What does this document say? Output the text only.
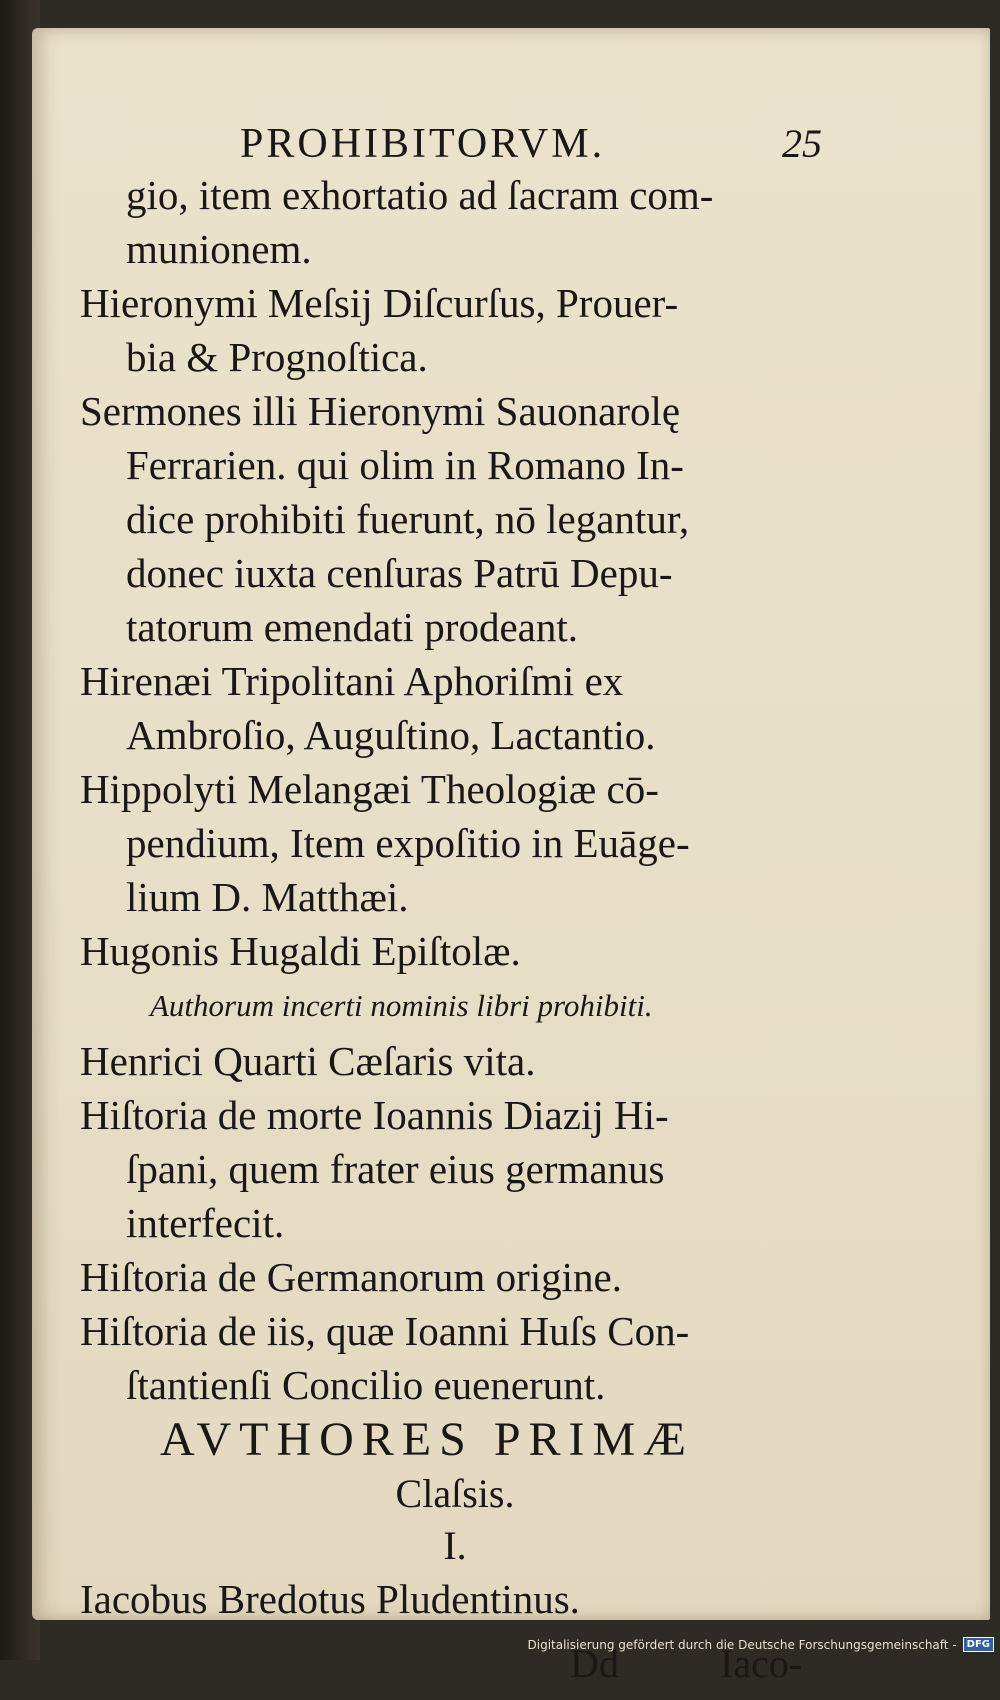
PROHIBITORVM.	25
gio, item exhortatio ad ſacram com-
munionem.
Hieronymi Meſsij Diſcurſus, Prouer-
bia & Prognoſtica.
Sermones illi Hieronymi Sauonarolę
Ferrarien. qui olim in Romano In-
dice prohibiti fuerunt, nō legantur,
donec iuxta cenſuras Patrū Depu-
tatorum emendati prodeant.
Hirenæi Tripolitani Aphoriſmi ex
Ambroſio, Auguſtino, Lactantio.
Hippolyti Melangæi Theologiæ cō-
pendium, Item expoſitio in Euāge-
lium D. Matthæi.
Hugonis Hugaldi Epiſtolæ.
Authorum incerti nominis libri prohibiti.
Henrici Quarti Cæſaris vita.
Hiſtoria de morte Ioannis Diazij Hi-
ſpani, quem frater eius germanus
interfecit.
Hiſtoria de Germanorum origine.
Hiſtoria de iis, quæ Ioanni Huſs Con-
ſtantienſi Concilio euenerunt.
AVTHORES PRIMÆ
Claſsis.
I.
Iacobus Bredotus Pludentinus.
Dd	Iaco-
Digitalisierung gefördert durch die Deutsche Forschungsgemeinschaft -	DFG
